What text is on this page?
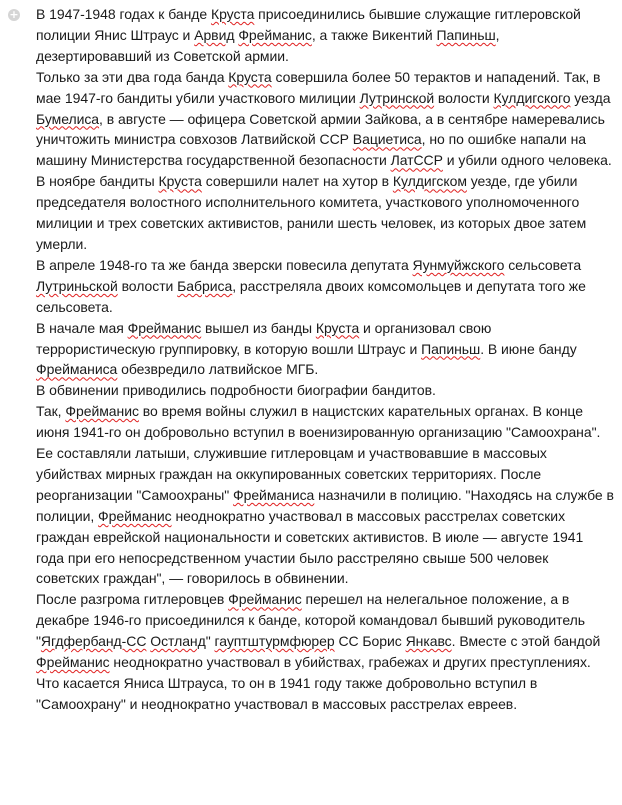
+ В 1947-1948 годах к банде Круста присоединились бывшие служащие гитлеровской полиции Янис Штраус и Арвид Фрейманис, а также Викентий Папиньш, дезертировавший из Советской армии.

Только за эти два года банда Круста совершила более 50 терактов и нападений. Так, в мае 1947-го бандиты убили участкового милиции Лутринской волости Кулдигского уезда Бумелиса, в августе — офицера Советской армии Зайкова, а в сентябре намеревались уничтожить министра совхозов Латвийской ССР Вациетиса, но по ошибке напали на машину Министерства государственной безопасности ЛатССР и убили одного человека.

В ноябре бандиты Круста совершили налет на хутор в Кулдигском уезде, где убили председателя волостного исполнительного комитета, участкового уполномоченного милиции и трех советских активистов, ранили шесть человек, из которых двое затем умерли.

В апреле 1948-го та же банда зверски повесила депутата Яунмуйжского сельсовета Лутриньской волости Бабриса, расстреляла двоих комсомольцев и депутата того же сельсовета.

В начале мая Фрейманис вышел из банды Круста и организовал свою террористическую группировку, в которую вошли Штраус и Папиньш. В июне банду Фрейманиса обезвредило латвийское МГБ.

В обвинении приводились подробности биографии бандитов.

Так, Фрейманис во время войны служил в нацистских карательных органах. В конце июня 1941-го он добровольно вступил в военизированную организацию "Самоохрана". Ее составляли латыши, служившие гитлеровцам и участвовавшие в массовых убийствах мирных граждан на оккупированных советских территориях. После реорганизации "Самоохраны" Фрейманиса назначили в полицию. "Находясь на службе в полиции, Фрейманис неоднократно участвовал в массовых расстрелах советских граждан еврейской национальности и советских активистов. В июле — августе 1941 года при его непосредственном участии было расстреляно свыше 500 человек советских граждан", — говорилось в обвинении.

После разгрома гитлеровцев Фрейманис перешел на нелегальное положение, а в декабре 1946-го присоединился к банде, которой командовал бывший руководитель "Ягдфербанд-СС Остланд" гауптштурмфюрер СС Борис Янкавс. Вместе с этой бандой Фрейманис неоднократно участвовал в убийствах, грабежах и других преступлениях.

Что касается Яниса Штрауса, то он в 1941 году также добровольно вступил в "Самоохрану" и неоднократно участвовал в массовых расстрелах евреев.
